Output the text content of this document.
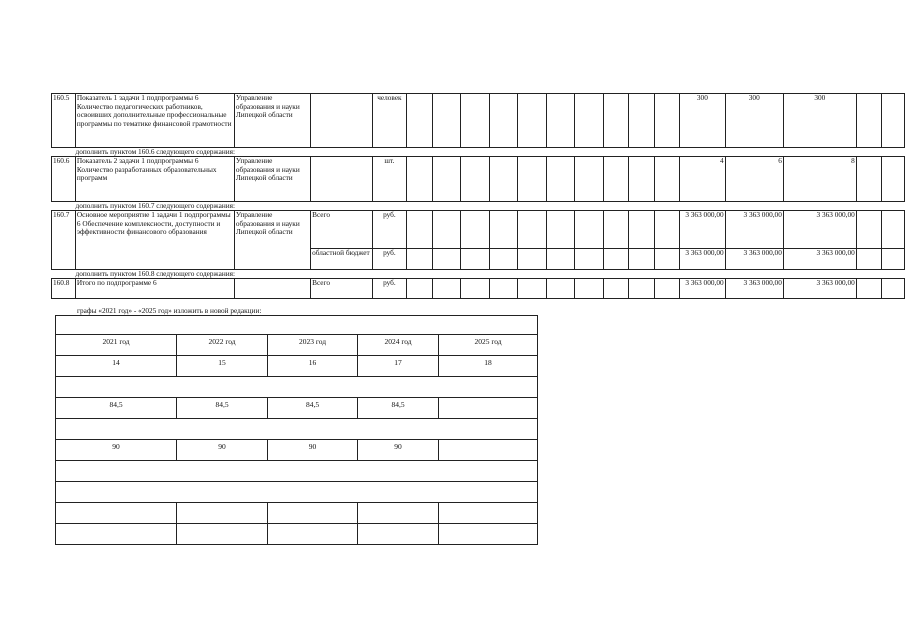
160.5	Показатель 1 задачи 1 подпрограммы 6 Количество педагогических работников, освоивших дополнительные профессиональные программы по тематике финансовой грамотности	Управление образования и науки Липецкой области		человек											300	300	300		
дополнить пунктом 160.6 следующего содержания:																			
160.6	Показатель 2 задачи 1 подпрограммы 6 Количество разработанных образовательных программ	Управление образования и науки Липецкой области		шт.											4	6	8		
дополнить пунктом 160.7 следующего содержания:																			
160.7	Основное мероприятие 1 задачи 1 подпрограммы 6 Обеспечение комплексности, доступности и эффективности финансового образования	Управление образования и науки Липецкой области	Всего	руб.											3 363 000,00	3 363 000,00	3 363 000,00		
			областной бюджет	руб.											3 363 000,00	3 363 000,00	3 363 000,00		
дополнить пунктом 160.8 следующего содержания:																			
160.8	Итого по подпрограмме 6		Всего	руб.											3 363 000,00	3 363 000,00	3 363 000,00		
графы «2021 год» - «2025 год» изложить в новой редакции:

2021 год	2022 год	2023 год	2024 год	2025 год
14	15	16	17	18

84,5	84,5	84,5	84,5	

90	90	90	90	
